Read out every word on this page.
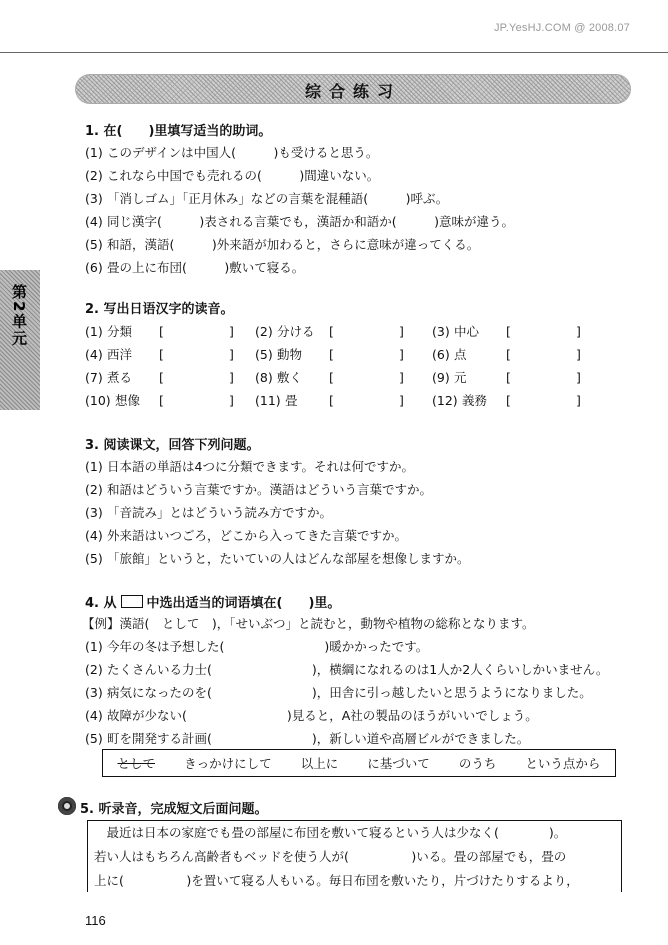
JP.YesHJ.COM @ 2008.07
综合练习
第2单元
1. 在(　　)里填写适当的助词。
(1) このデザインは中国人(　　　)も受けると思う。
(2) これなら中国でも売れるの(　　　)間違いない。
(3) 「消しゴム」「正月休み」などの言葉を混種語(　　　)呼ぶ。
(4) 同じ漢字(　　　)表される言葉でも，漢語か和語か(　　　)意味が違う。
(5) 和語，漢語(　　　)外来語が加わると，さらに意味が違ってくる。
(6) 畳の上に布団(　　　)敷いて寝る。
2. 写出日语汉字的读音。
(1) 分類 [	] (2) 分ける [	] (3) 中心 [	]
(4) 西洋 [	] (5) 動物 [	] (6) 点	[	]
(7) 煮る [	] (8) 敷く [	] (9) 元	[	]
(10) 想像 [	] (11) 畳	[	] (12) 義務 [	]
3. 阅读课文，回答下列问题。
(1) 日本語の単語は4つに分類できます。それは何ですか。
(2) 和語はどういう言葉ですか。漢語はどういう言葉ですか。
(3) 「音読み」とはどういう読み方ですか。
(4) 外来語はいつごろ，どこから入ってきた言葉ですか。
(5) 「旅館」というと，たいていの人はどんな部屋を想像しますか。
4. 从 中选出适当的词语填在(　　)里。
【例】漢語(　として　)，「せいぶつ」と読むと，動物や植物の総称となります。
(1) 今年の冬は予想した(　　　　　　　　)暖かかったです。
(2) たくさんいる力士(　　　　　　　　)，横綱になれるのは1人か2人くらいしかいません。
(3) 病気になったのを(　　　　　　　　)，田舎に引っ越したいと思うようになりました。
(4) 故障が少ない(　　　　　　　　)見ると，A社の製品のほうがいいでしょう。
(5) 町を開発する計画(　　　　　　　　)，新しい道や高層ビルができました。
として きっかけにして 以上に に基づいて のうち という点から
5. 听录音，完成短文后面问题。
　最近は日本の家庭でも畳の部屋に布団を敷いて寝るという人は少なく(　　　　)。
若い人はもちろん高齢者もベッドを使う人が(　　　　　)いる。畳の部屋でも，畳の
上に(　　　　　)を置いて寝る人もいる。毎日布団を敷いたり，片づけたりするより，
116
